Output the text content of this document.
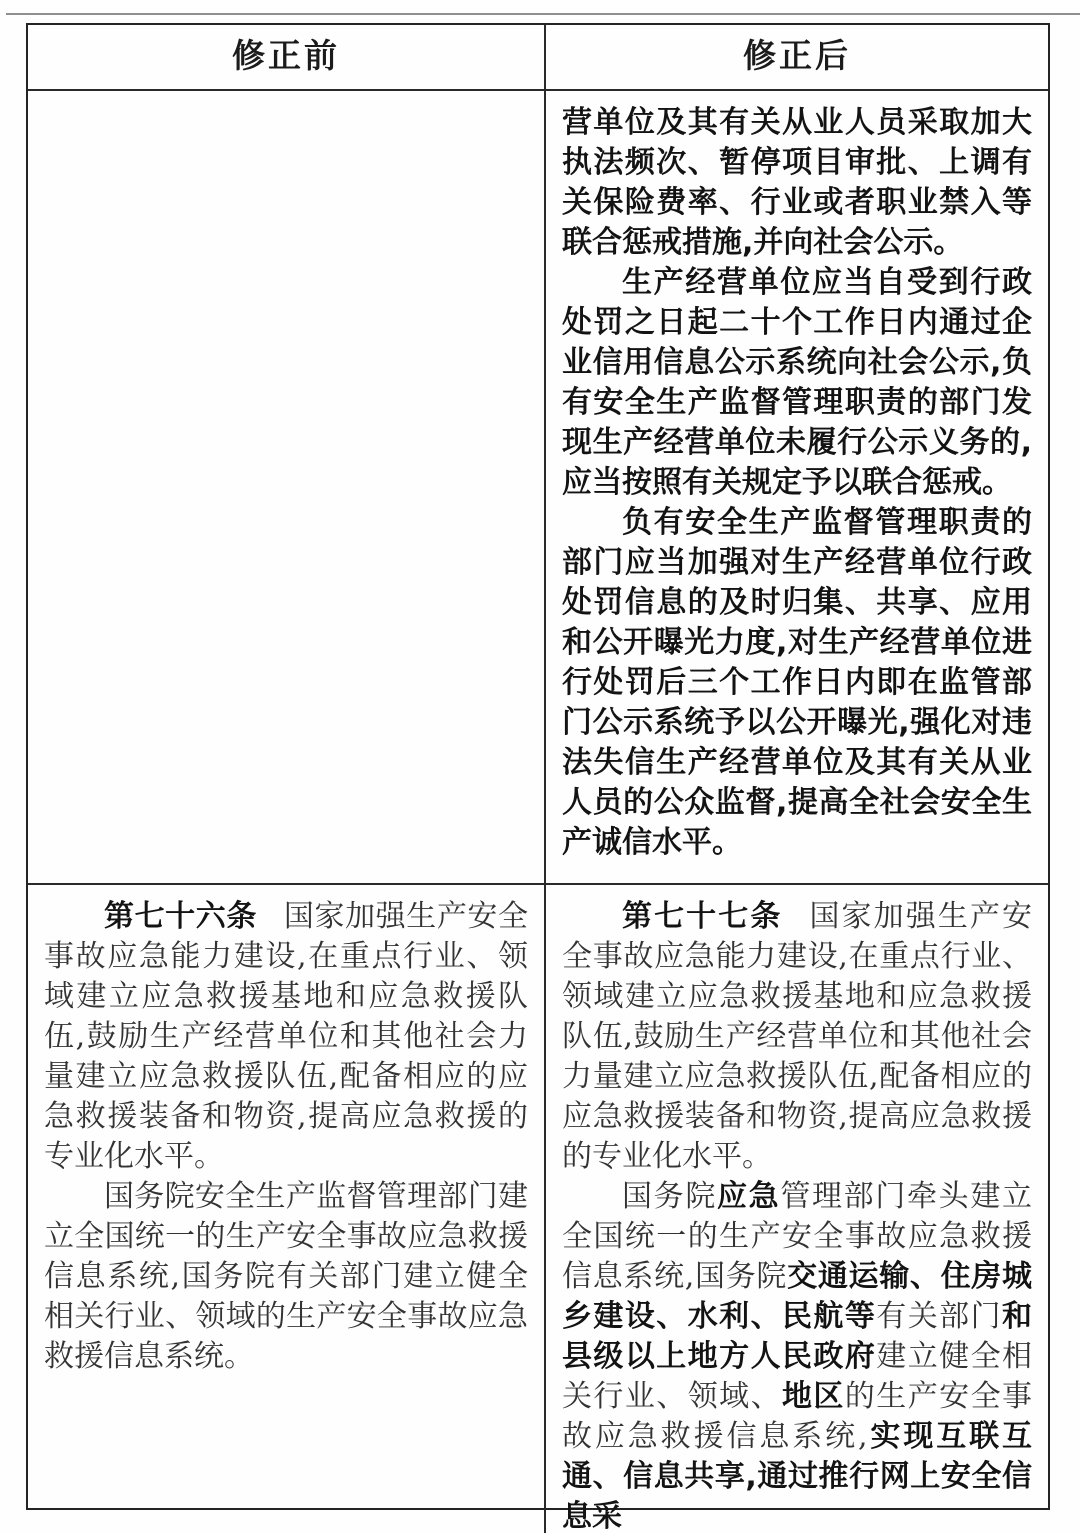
修正前	修正后

营单位及其有关从业人员采取加大执法频次、暂停项目审批、上调有关保险费率、行业或者职业禁入等联合惩戒措施,并向社会公示。

生产经营单位应当自受到行政处罚之日起二十个工作日内通过企业信用信息公示系统向社会公示,负有安全生产监督管理职责的部门发现生产经营单位未履行公示义务的,应当按照有关规定予以联合惩戒。

负有安全生产监督管理职责的部门应当加强对生产经营单位行政处罚信息的及时归集、共享、应用和公开曝光力度,对生产经营单位进行处罚后三个工作日内即在监管部门公示系统予以公开曝光,强化对违法失信生产经营单位及其有关从业人员的公众监督,提高全社会安全生产诚信水平。

第七十六条 国家加强生产安全事故应急能力建设,在重点行业、领域建立应急救援基地和应急救援队伍,鼓励生产经营单位和其他社会力量建立应急救援队伍,配备相应的应急救援装备和物资,提高应急救援的专业化水平。

国务院安全生产监督管理部门建立全国统一的生产安全事故应急救援信息系统,国务院有关部门建立健全相关行业、领域的生产安全事故应急救援信息系统。

第七十七条 国家加强生产安全事故应急能力建设,在重点行业、领域建立应急救援基地和应急救援队伍,鼓励生产经营单位和其他社会力量建立应急救援队伍,配备相应的应急救援装备和物资,提高应急救援的专业化水平。

国务院应急管理部门牵头建立全国统一的生产安全事故应急救援信息系统,国务院交通运输、住房城乡建设、水利、民航等有关部门和县级以上地方人民政府建立健全相关行业、领域、地区的生产安全事故应急救援信息系统,实现互联互通、信息共享,通过推行网上安全信息采
